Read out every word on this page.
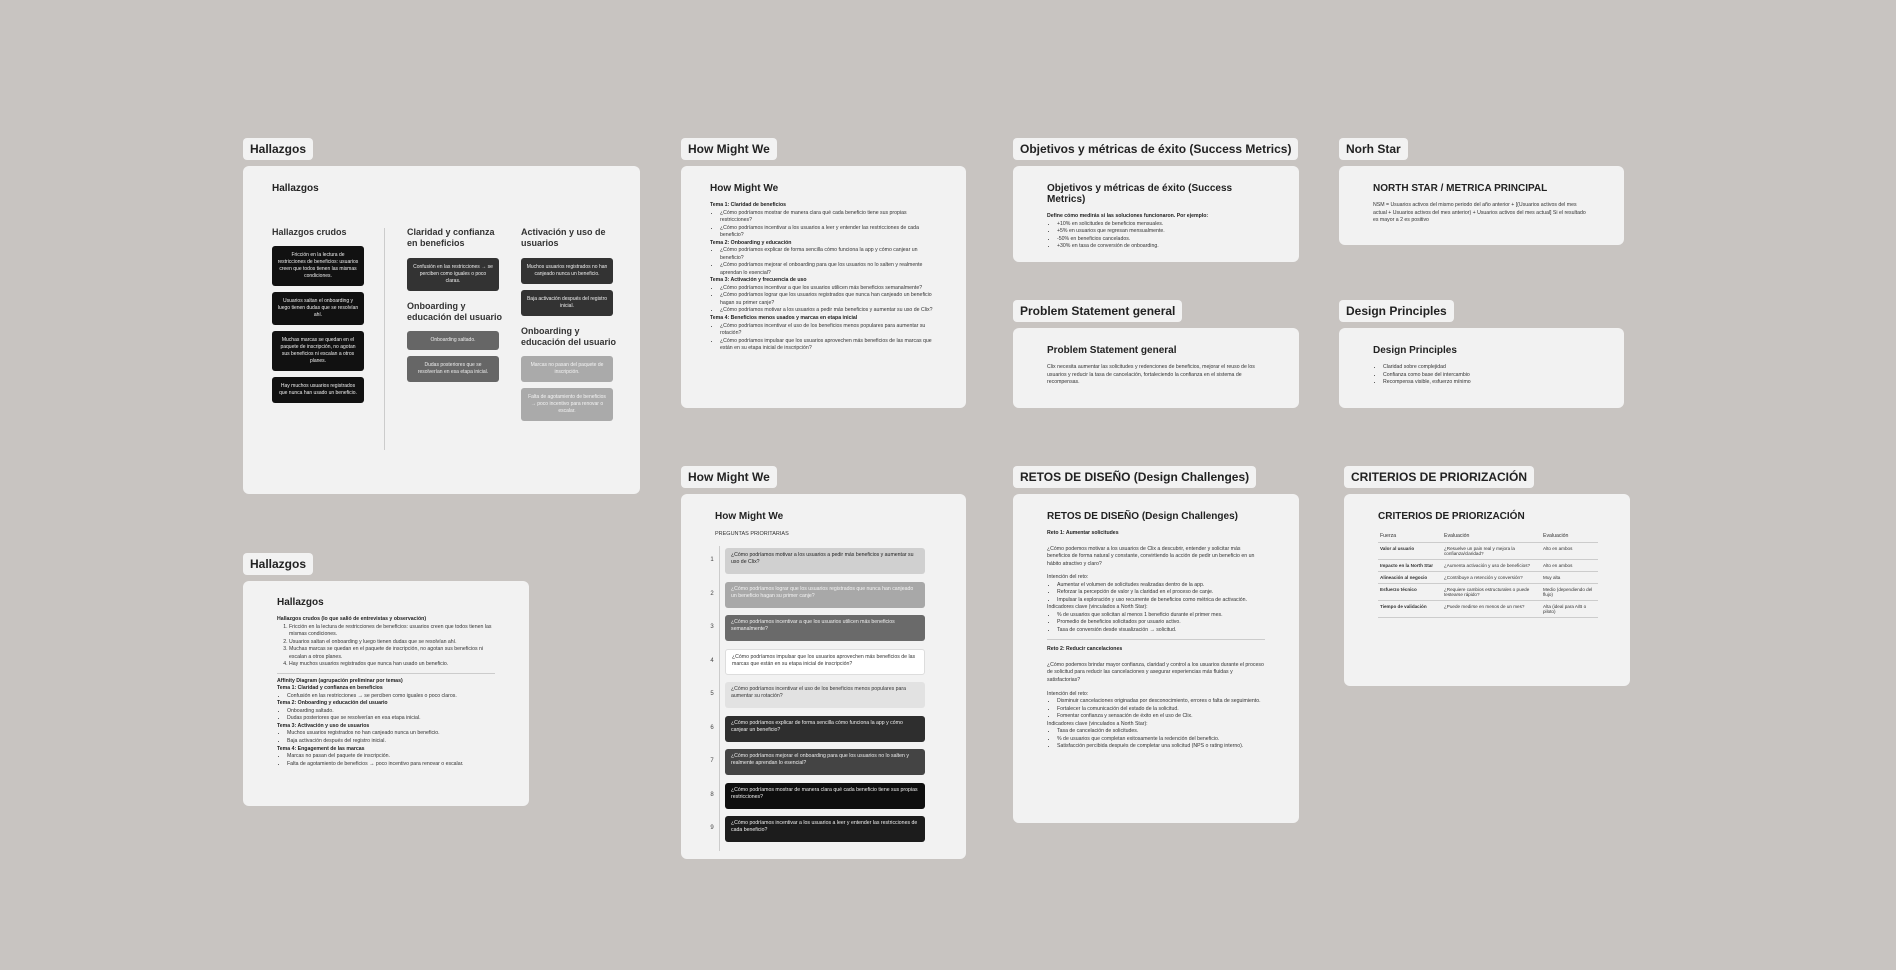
Hallazgos	How Might We	Objetivos y métricas de éxito (Success Metrics)	Norh Star
Problem Statement general	Design Principles
Hallazgos
How Might We	RETOS DE DISEÑO (Design Challenges)	CRITERIOS DE PRIORIZACIÓN
Hallazgos
Hallazgos crudos
Fricción en la lectura de restricciones de beneficios: usuarios creen que todos tienen las mismas condiciones.
Usuarios saltan el onboarding y luego tienen dudas que se resolvían ahí.
Muchas marcas se quedan en el paquete de inscripción, no agotan sus beneficios ni escalan a otros planes.
Hay muchos usuarios registrados que nunca han usado un beneficio.
Claridad y confianza en beneficios
Confusión en las restricciones → se perciben como iguales o poco claras.
Onboarding y educación del usuario
Onboarding saltado.
Dudas posteriores que se resolverían en esa etapa inicial.
Activación y uso de usuarios
Muchos usuarios registrados no han canjeado nunca un beneficio.
Baja activación después del registro inicial.
Onboarding y educación del usuario
Marcas no pasan del paquete de inscripción.
Falta de agotamiento de beneficios → poco incentivo para renovar o escalar.
How Might We
Tema 1: Claridad de beneficios
• ¿Cómo podríamos mostrar de manera clara qué cada beneficio tiene sus propias restricciones?
• ¿Cómo podríamos incentivar a los usuarios a leer y entender las restricciones de cada beneficio?
Tema 2: Onboarding y educación
• ¿Cómo podríamos explicar de forma sencilla cómo funciona la app y cómo canjear un beneficio?
• ¿Cómo podríamos mejorar el onboarding para que los usuarios no lo salten y realmente aprendan lo esencial?
Tema 3: Activación y frecuencia de uso
• ¿Cómo podríamos incentivar a que los usuarios utilicen más beneficios semanalmente?
• ¿Cómo podríamos lograr que los usuarios registrados que nunca han canjeado un beneficio hagan su primer canje?
• ¿Cómo podríamos motivar a los usuarios a pedir más beneficios y aumentar su uso de Clix?
Tema 4: Beneficios menos usados y marcas en etapa inicial
• ¿Cómo podríamos incentivar el uso de los beneficios menos populares para aumentar su rotación?
• ¿Cómo podríamos impulsar que los usuarios aprovechen más beneficios de las marcas que están en su etapa inicial de inscripción?
Objetivos y métricas de éxito (Success Metrics)
Define cómo medirás si las soluciones funcionaron. Por ejemplo:
• +10% en solicitudes de beneficios mensuales.
• +5% en usuarios que regresan mensualmente.
• -50% en beneficios cancelados.
• +30% en tasa de conversión de onboarding.
NORTH STAR / METRICA PRINCIPAL
NSM = Usuarios activos del mismo periodo del año anterior + [(Usuarios activos del mes actual + Usuarios activos del mes anterior) + Usuarios activos del mes actual] Si el resultado es mayor a 2 es positivo
Problem Statement general
Clix necesita aumentar las solicitudes y redenciones de beneficios, mejorar el reuso de los usuarios y reducir la tasa de cancelación, fortaleciendo la confianza en el sistema de recompensas.
Design Principles
• Claridad sobre complejidad
• Confianza como base del intercambio
• Recompensa visible, esfuerzo mínimo
Hallazgos
Hallazgos crudos (lo que salió de entrevistas y observación)
1. Fricción en la lectura de restricciones de beneficios: usuarios creen que todos tienen las mismas condiciones.
2. Usuarios saltan el onboarding y luego tienen dudas que se resolvían ahí.
3. Muchas marcas se quedan en el paquete de inscripción, no agotan sus beneficios ni escalan a otros planes.
4. Hay muchos usuarios registrados que nunca han usado un beneficio.
Affinity Diagram (agrupación preliminar por temas)
Tema 1: Claridad y confianza en beneficios
• Confusión en las restricciones → se perciben como iguales o poco claros.
Tema 2: Onboarding y educación del usuario
• Onboarding saltado.
• Dudas posteriores que se resolverían en esa etapa inicial.
Tema 3: Activación y uso de usuarios
• Muchos usuarios registrados no han canjeado nunca un beneficio.
• Baja activación después del registro inicial.
Tema 4: Engagement de las marcas
• Marcas no pasan del paquete de inscripción.
• Falta de agotamiento de beneficios → poco incentivo para renovar o escalar.
How Might We
PREGUNTAS PRIORITARIAS
1
¿Cómo podríamos motivar a los usuarios a pedir más beneficios y aumentar su uso de Clix?
2
¿Cómo podríamos lograr que los usuarios registrados que nunca han canjeado un beneficio hagan su primer canje?
3
¿Cómo podríamos incentivar a que los usuarios utilicen más beneficios semanalmente?
4
¿Cómo podríamos impulsar que los usuarios aprovechen más beneficios de las marcas que están en su etapa inicial de inscripción?
5
¿Cómo podríamos incentivar el uso de los beneficios menos populares para aumentar su rotación?
6
¿Cómo podríamos explicar de forma sencilla cómo funciona la app y cómo canjear un beneficio?
7
¿Cómo podríamos mejorar el onboarding para que los usuarios no lo salten y realmente aprendan lo esencial?
8
¿Cómo podríamos mostrar de manera clara qué cada beneficio tiene sus propias restricciones?
9
¿Cómo podríamos incentivar a los usuarios a leer y entender las restricciones de cada beneficio?
RETOS DE DISEÑO (Design Challenges)
Reto 1: Aumentar solicitudes

¿Cómo podemos motivar a los usuarios de Clix a descubrir, entender y solicitar más beneficios de forma natural y constante, convirtiendo la acción de pedir un beneficio en un hábito atractivo y claro?

Intención del reto:
• Aumentar el volumen de solicitudes realizadas dentro de la app.
• Reforzar la percepción de valor y la claridad en el proceso de canje.
• Impulsar la exploración y uso recurrente de beneficios como métrica de activación.
Indicadores clave (vinculados a North Star):
• % de usuarios que solicitan al menos 1 beneficio durante el primer mes.
• Promedio de beneficios solicitados por usuario activo.
• Tasa de conversión desde visualización → solicitud.
Reto 2: Reducir cancelaciones

¿Cómo podemos brindar mayor confianza, claridad y control a los usuarios durante el proceso de solicitud para reducir las cancelaciones y asegurar experiencias más fluidas y satisfactorias?

Intención del reto:
• Disminuir cancelaciones originadas por desconocimiento, errores o falta de seguimiento.
• Fortalecer la comunicación del estado de la solicitud.
• Fomentar confianza y sensación de éxito en el uso de Clix.
Indicadores clave (vinculados a North Star):
• Tasa de cancelación de solicitudes.
• % de usuarios que completan exitosamente la redención del beneficio.
• Satisfacción percibida después de completar una solicitud (NPS o rating interno).
CRITERIOS DE PRIORIZACIÓN
Fuerza	Evaluación	Evaluación
Valor al usuario	¿Resuelve un pain real y mejora la confianza/claridad?	Alto en ambos
Impacto en la North Star	¿Aumenta activación y uso de beneficios?	Alto en ambos
Alineación al negocio	¿Contribuye a retención y conversión?	Muy alta
Esfuerzo técnico	¿Requiere cambios estructurales o puede testearse rápido?	Medio (dependiendo del flujo)
Tiempo de validación	¿Puede medirse en menos de un mes?	Alta (ideal para A/B o piloto)
